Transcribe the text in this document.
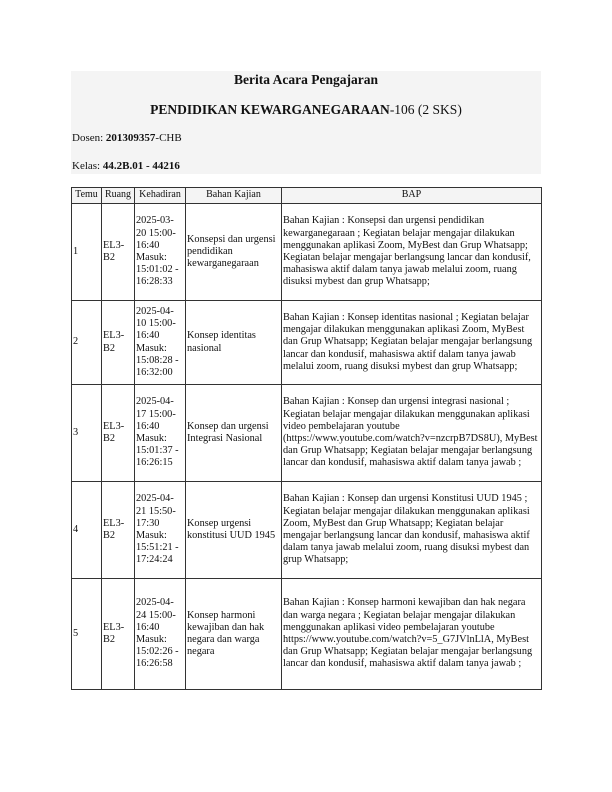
Berita Acara Pengajaran
PENDIDIKAN KEWARGANEGARAAN-106 (2 SKS)
Dosen: 201309357-CHB
Kelas: 44.2B.01 - 44216
Temu	Ruang	Kehadiran	Bahan Kajian	BAP
1	EL3-B2	2025-03-20 15:00-16:40 Masuk: 15:01:02 - 16:28:33	Konsepsi dan urgensi pendidikan kewarganegaraan	Bahan Kajian : Konsepsi dan urgensi pendidikan kewarganegaraan ; Kegiatan belajar mengajar dilakukan menggunakan aplikasi Zoom, MyBest dan Grup Whatsapp; Kegiatan belajar mengajar berlangsung lancar dan kondusif, mahasiswa aktif dalam tanya jawab melalui zoom, ruang disuksi mybest dan grup Whatsapp;
2	EL3-B2	2025-04-10 15:00-16:40 Masuk: 15:08:28 - 16:32:00	Konsep identitas nasional	Bahan Kajian : Konsep identitas nasional ; Kegiatan belajar mengajar dilakukan menggunakan aplikasi Zoom, MyBest dan Grup Whatsapp; Kegiatan belajar mengajar berlangsung lancar dan kondusif, mahasiswa aktif dalam tanya jawab melalui zoom, ruang disuksi mybest dan grup Whatsapp;
3	EL3-B2	2025-04-17 15:00-16:40 Masuk: 15:01:37 - 16:26:15	Konsep dan urgensi Integrasi Nasional	Bahan Kajian : Konsep dan urgensi integrasi nasional ; Kegiatan belajar mengajar dilakukan menggunakan aplikasi video pembelajaran youtube (https://www.youtube.com/watch?v=nzcrpB7DS8U), MyBest dan Grup Whatsapp; Kegiatan belajar mengajar berlangsung lancar dan kondusif, mahasiswa aktif dalam tanya jawab ;
4	EL3-B2	2025-04-21 15:50-17:30 Masuk: 15:51:21 - 17:24:24	Konsep urgensi konstitusi UUD 1945	Bahan Kajian : Konsep dan urgensi Konstitusi UUD 1945 ; Kegiatan belajar mengajar dilakukan menggunakan aplikasi Zoom, MyBest dan Grup Whatsapp; Kegiatan belajar mengajar berlangsung lancar dan kondusif, mahasiswa aktif dalam tanya jawab melalui zoom, ruang disuksi mybest dan grup Whatsapp;
5	EL3-B2	2025-04-24 15:00-16:40 Masuk: 15:02:26 - 16:26:58	Konsep harmoni kewajiban dan hak negara dan warga negara	Bahan Kajian : Konsep harmoni kewajiban dan hak negara dan warga negara ; Kegiatan belajar mengajar dilakukan menggunakan aplikasi video pembelajaran youtube https://www.youtube.com/watch?v=5_G7JVlnLlA, MyBest dan Grup Whatsapp; Kegiatan belajar mengajar berlangsung lancar dan kondusif, mahasiswa aktif dalam tanya jawab ;
